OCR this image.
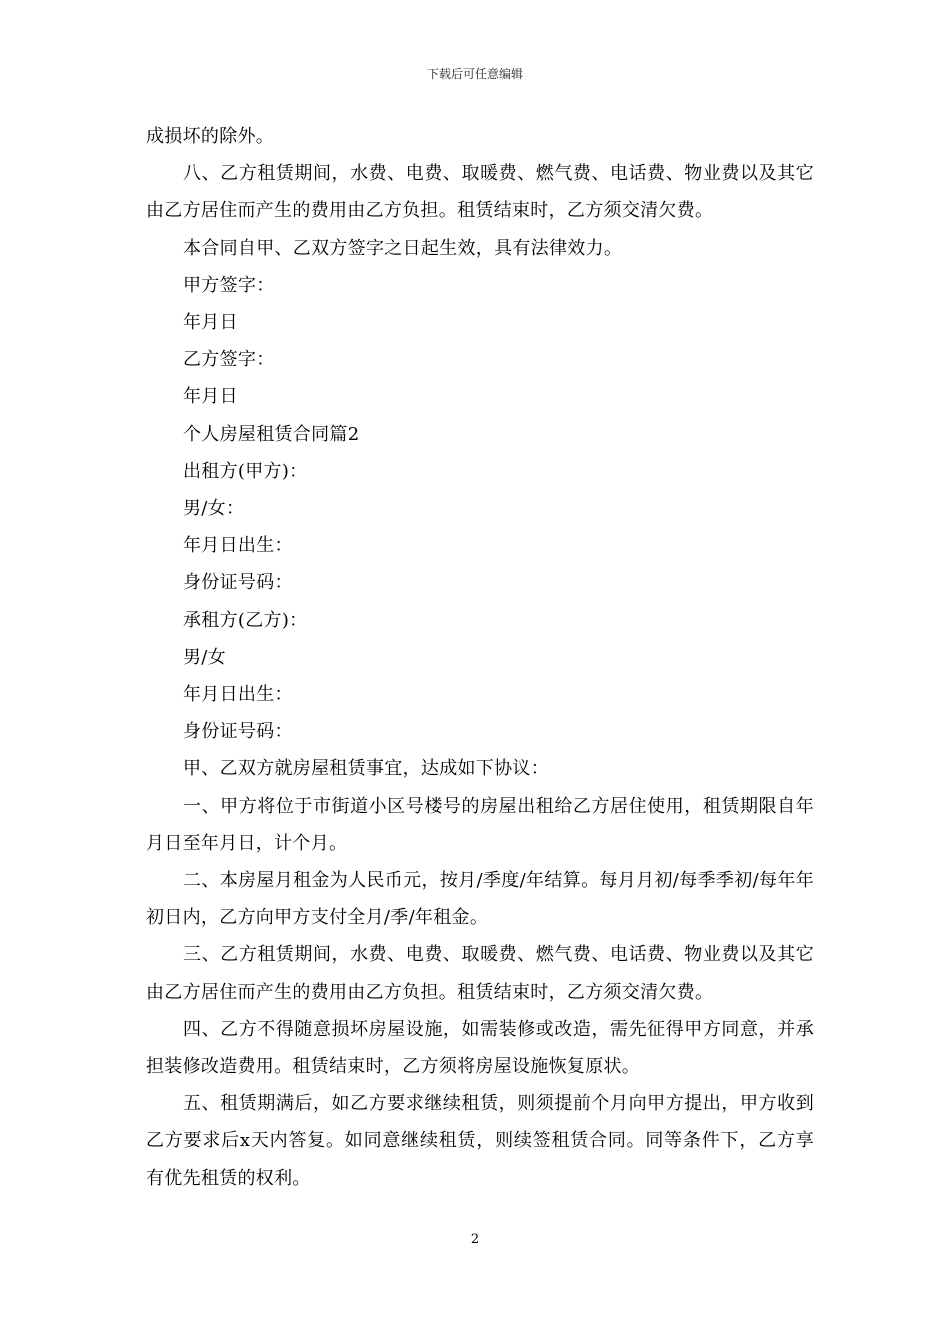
下载后可任意编辑

成损坏的除外。

八、乙方租赁期间，水费、电费、取暖费、燃气费、电话费、物业费以及其它由乙方居住而产生的费用由乙方负担。租赁结束时，乙方须交清欠费。

本合同自甲、乙双方签字之日起生效，具有法律效力。

甲方签字：

年月日

乙方签字：

年月日

个人房屋租赁合同篇2

出租方(甲方)：

男/女：

年月日出生：

身份证号码：

承租方(乙方)：

男/女

年月日出生：

身份证号码：

甲、乙双方就房屋租赁事宜，达成如下协议：

一、甲方将位于市街道小区号楼号的房屋出租给乙方居住使用，租赁期限自年月日至年月日，计个月。

二、本房屋月租金为人民币元，按月/季度/年结算。每月月初/每季季初/每年年初日内，乙方向甲方支付全月/季/年租金。

三、乙方租赁期间，水费、电费、取暖费、燃气费、电话费、物业费以及其它由乙方居住而产生的费用由乙方负担。租赁结束时，乙方须交清欠费。

四、乙方不得随意损坏房屋设施，如需装修或改造，需先征得甲方同意，并承担装修改造费用。租赁结束时，乙方须将房屋设施恢复原状。

五、租赁期满后，如乙方要求继续租赁，则须提前个月向甲方提出，甲方收到乙方要求后x天内答复。如同意继续租赁，则续签租赁合同。同等条件下，乙方享有优先租赁的权利。

2
